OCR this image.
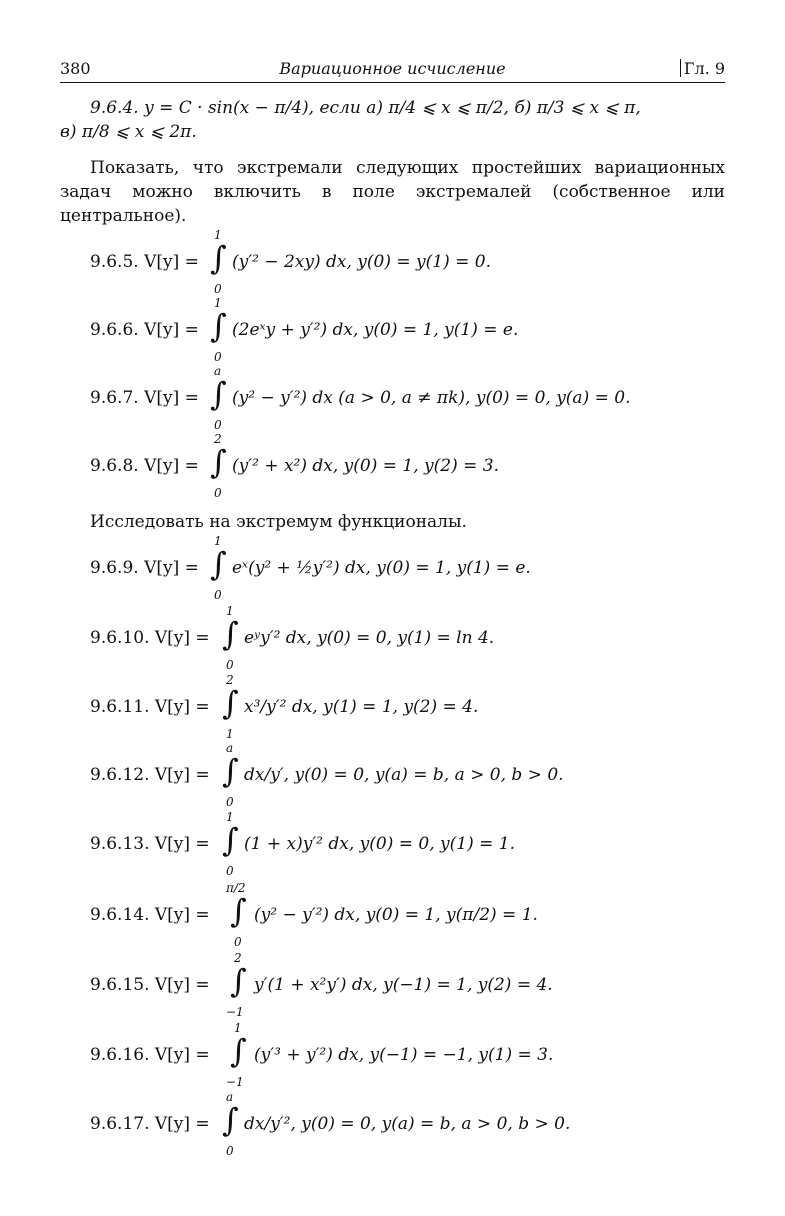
380	Вариационное исчисление	Гл. 9
9.6.4. y = C · sin(x − π/4), если а) π/4 ⩽ x ⩽ π/2, б) π/3 ⩽ x ⩽ π,
в) π/8 ⩽ x ⩽ 2π.
Показать, что экстремали следующих простейших вариационных задач можно включить в поле экстремалей (собственное или центральное).
9.6.5. V[y] =
1
∫
0
(y′² − 2xy) dx, y(0) = y(1) = 0.
9.6.6. V[y] =
1
∫
0
(2eˣy + y′²) dx, y(0) = 1, y(1) = e.
9.6.7. V[y] =
a
∫
0
(y² − y′²) dx (a > 0, a ≠ πk), y(0) = 0, y(a) = 0.
9.6.8. V[y] =
2
∫
0
(y′² + x²) dx, y(0) = 1, y(2) = 3.
Исследовать на экстремум функционалы.
9.6.9. V[y] =
1
∫
0
eˣ(y² + ½y′²) dx, y(0) = 1, y(1) = e.
9.6.10. V[y] =
1
∫
0
eʸy′² dx, y(0) = 0, y(1) = ln 4.
9.6.11. V[y] =
2
∫
1
x³/y′² dx, y(1) = 1, y(2) = 4.
9.6.12. V[y] =
a
∫
0
dx/y′, y(0) = 0, y(a) = b, a > 0, b > 0.
9.6.13. V[y] =
1
∫
0
(1 + x)y′² dx, y(0) = 0, y(1) = 1.
9.6.14. V[y] =
π/2
∫
0
(y² − y′²) dx, y(0) = 1, y(π/2) = 1.
9.6.15. V[y] =
2
∫
−1
y′(1 + x²y′) dx, y(−1) = 1, y(2) = 4.
9.6.16. V[y] =
1
∫
−1
(y′³ + y′²) dx, y(−1) = −1, y(1) = 3.
9.6.17. V[y] =
a
∫
0
dx/y′², y(0) = 0, y(a) = b, a > 0, b > 0.
